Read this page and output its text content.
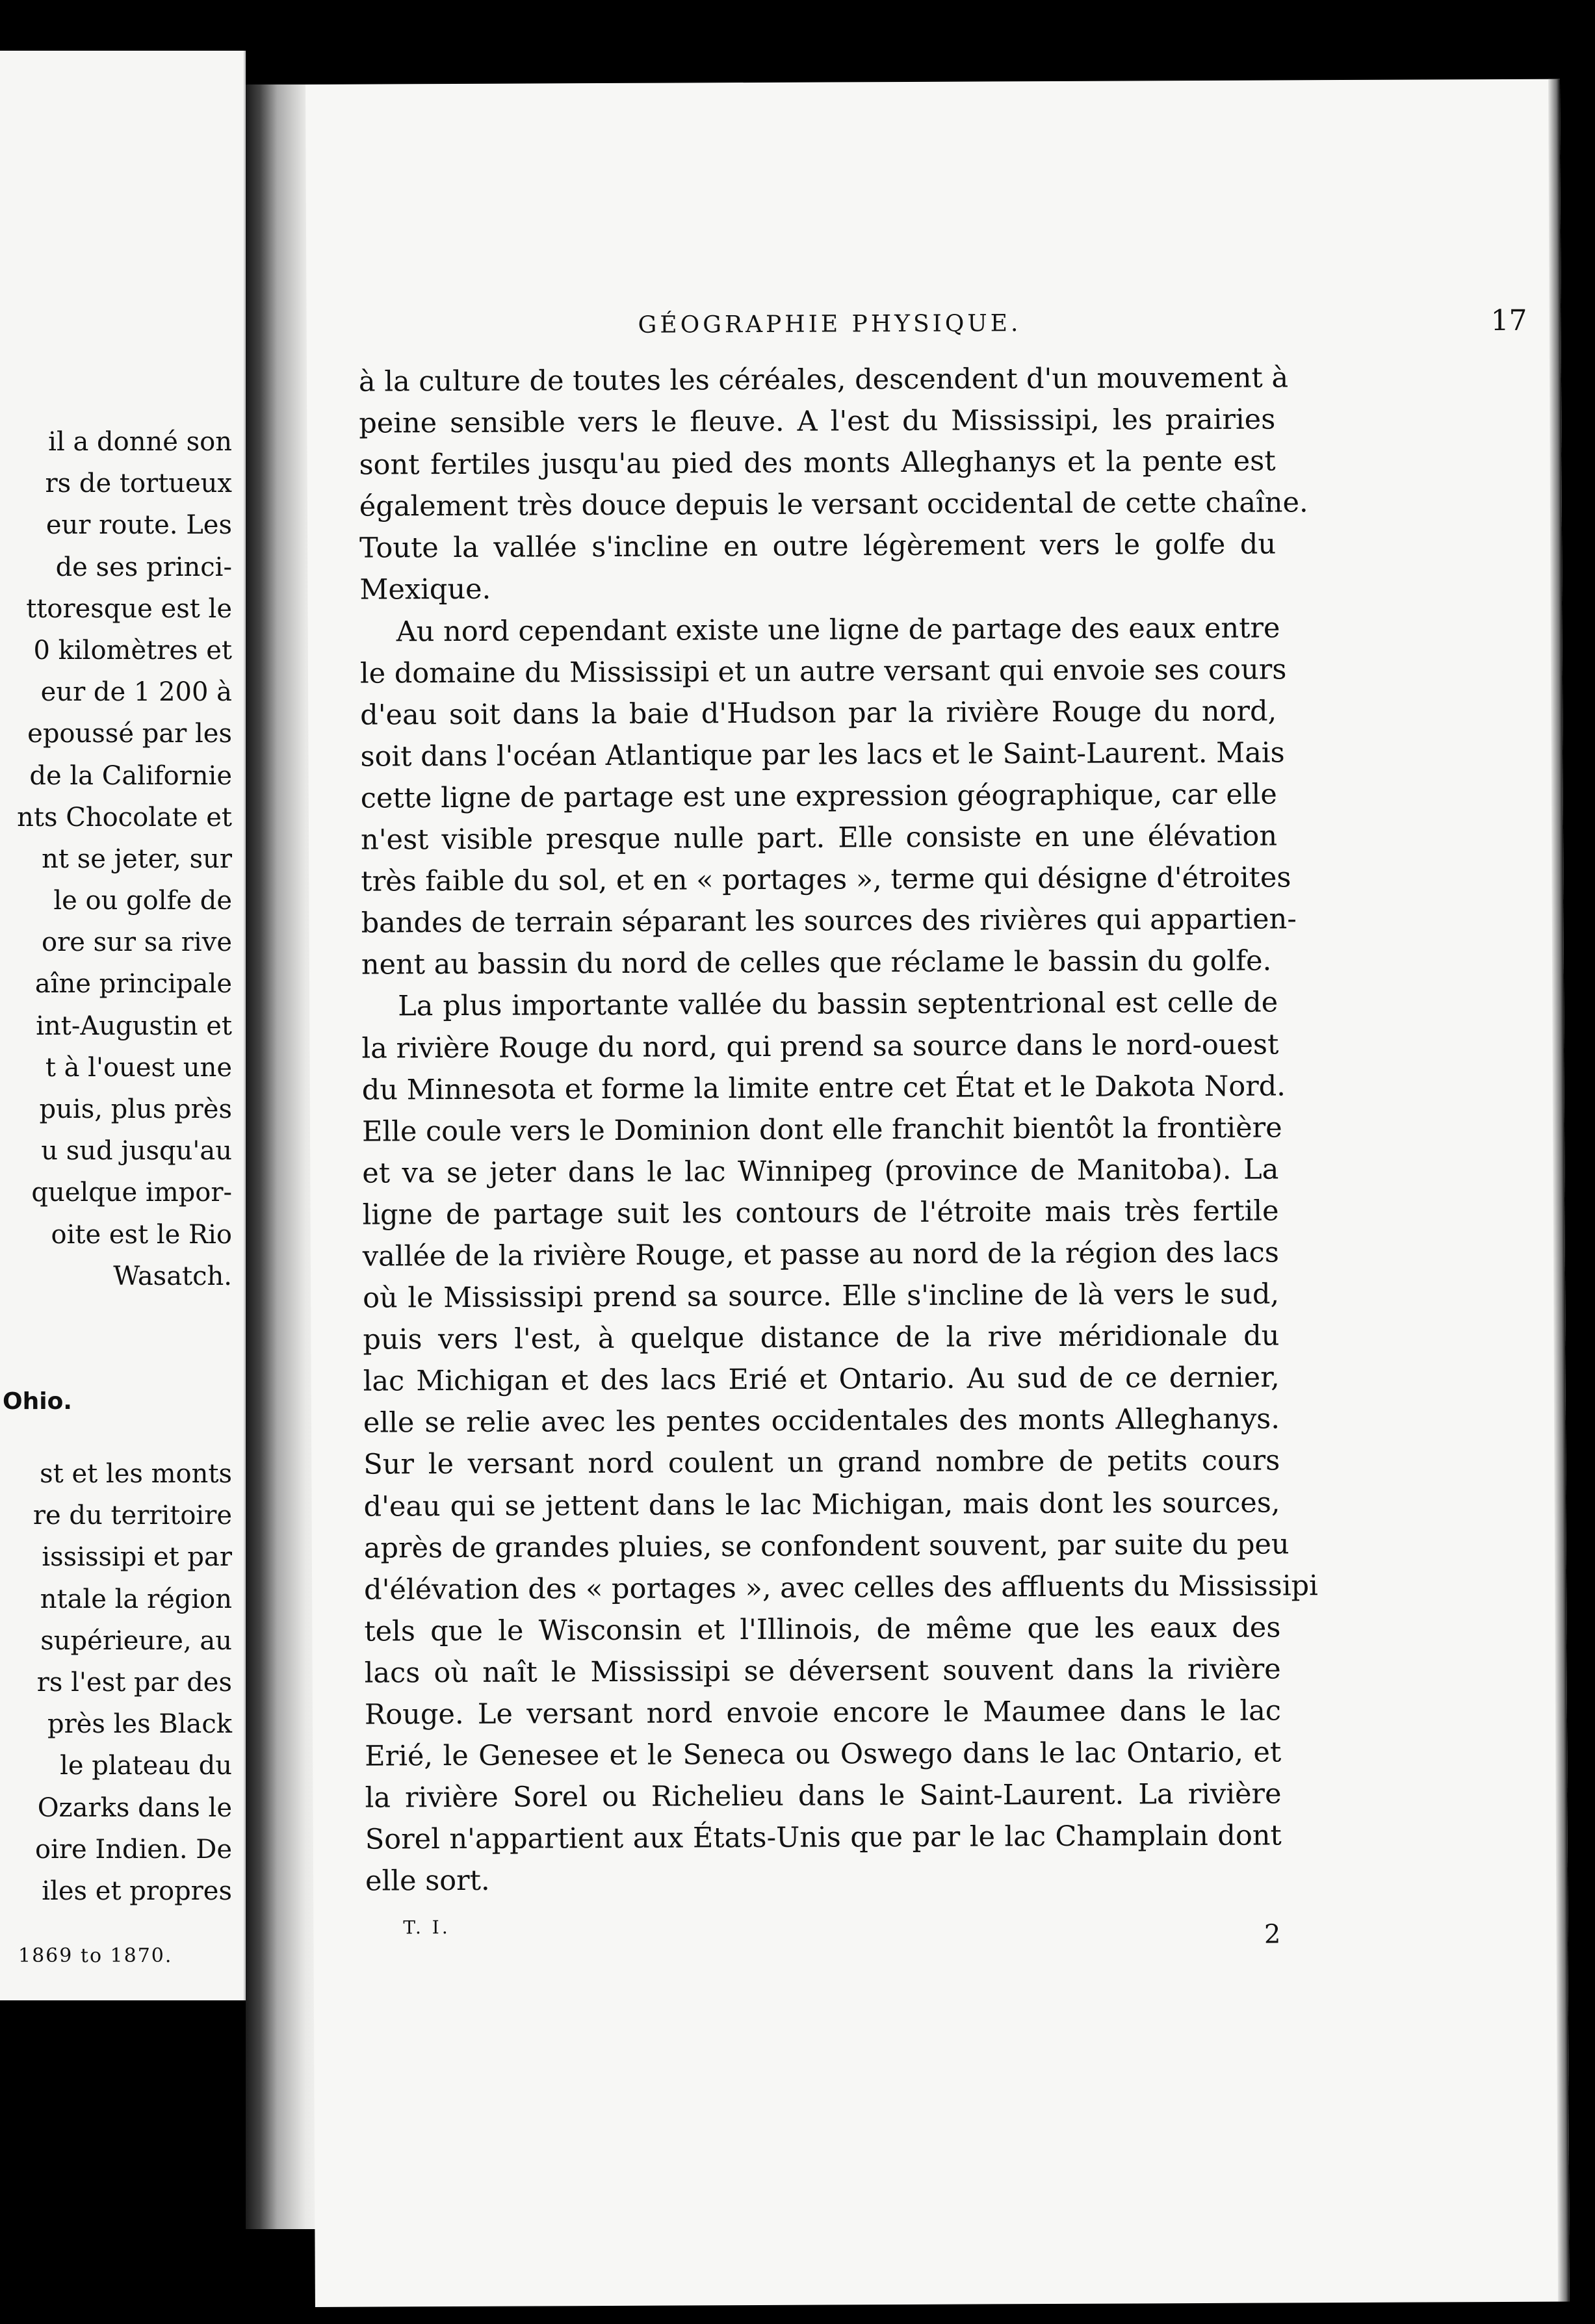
il a donné son
rs de tortueux
eur route. Les
de ses princi-
ttoresque est le
0 kilomètres et
eur de 1 200 à
epoussé par les
de la Californie
nts Chocolate et
nt se jeter, sur
le ou golfe de
ore sur sa rive
aîne principale
int-Augustin et
t à l'ouest une
puis, plus près
u sud jusqu'au
quelque impor-
oite est le Rio
Wasatch.
Ohio.
st et les monts
re du territoire
ississipi et par
ntale la région
supérieure, au
rs l'est par des
près les Black
le plateau du
Ozarks dans le
oire Indien. De
iles et propres
1869 to 1870.
GÉOGRAPHIE PHYSIQUE.	17
à la culture de toutes les céréales, descendent d'un mouvement à
peine sensible vers le fleuve. A l'est du Mississipi, les prairies
sont fertiles jusqu'au pied des monts Alleghanys et la pente est
également très douce depuis le versant occidental de cette chaîne.
Toute la vallée s'incline en outre légèrement vers le golfe du
Mexique.
Au nord cependant existe une ligne de partage des eaux entre
le domaine du Mississipi et un autre versant qui envoie ses cours
d'eau soit dans la baie d'Hudson par la rivière Rouge du nord,
soit dans l'océan Atlantique par les lacs et le Saint-Laurent. Mais
cette ligne de partage est une expression géographique, car elle
n'est visible presque nulle part. Elle consiste en une élévation
très faible du sol, et en « portages », terme qui désigne d'étroites
bandes de terrain séparant les sources des rivières qui appartien-
nent au bassin du nord de celles que réclame le bassin du golfe.
La plus importante vallée du bassin septentrional est celle de
la rivière Rouge du nord, qui prend sa source dans le nord-ouest
du Minnesota et forme la limite entre cet État et le Dakota Nord.
Elle coule vers le Dominion dont elle franchit bientôt la frontière
et va se jeter dans le lac Winnipeg (province de Manitoba). La
ligne de partage suit les contours de l'étroite mais très fertile
vallée de la rivière Rouge, et passe au nord de la région des lacs
où le Mississipi prend sa source. Elle s'incline de là vers le sud,
puis vers l'est, à quelque distance de la rive méridionale du
lac Michigan et des lacs Erié et Ontario. Au sud de ce dernier,
elle se relie avec les pentes occidentales des monts Alleghanys.
Sur le versant nord coulent un grand nombre de petits cours
d'eau qui se jettent dans le lac Michigan, mais dont les sources,
après de grandes pluies, se confondent souvent, par suite du peu
d'élévation des « portages », avec celles des affluents du Mississipi
tels que le Wisconsin et l'Illinois, de même que les eaux des
lacs où naît le Mississipi se déversent souvent dans la rivière
Rouge. Le versant nord envoie encore le Maumee dans le lac
Erié, le Genesee et le Seneca ou Oswego dans le lac Ontario, et
la rivière Sorel ou Richelieu dans le Saint-Laurent. La rivière
Sorel n'appartient aux États-Unis que par le lac Champlain dont
elle sort.
T. I.	2
